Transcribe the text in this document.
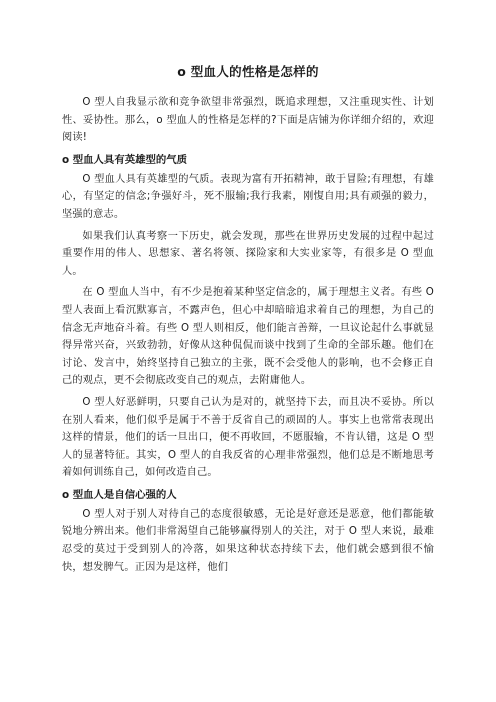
o 型血人的性格是怎样的

O 型人自我显示欲和竞争欲望非常强烈，既追求理想，又注重现实性、计划性、妥协性。那么，o 型血人的性格是怎样的?下面是店铺为你详细介绍的，欢迎阅读!

o 型血人具有英雄型的气质

O 型血人具有英雄型的气质。表现为富有开拓精神，敢于冒险;有理想，有雄心，有坚定的信念;争强好斗，死不服输;我行我素，刚愎自用;具有顽强的毅力，坚强的意志。

如果我们认真考察一下历史，就会发现，那些在世界历史发展的过程中起过重要作用的伟人、思想家、著名将领、探险家和大实业家等，有很多是 O 型血人。

在 O 型血人当中，有不少是抱着某种坚定信念的，属于理想主义者。有些 O 型人表面上看沉默寡言，不露声色，但心中却暗暗追求着自己的理想，为自己的信念无声地奋斗着。有些 O 型人则相反，他们能言善辩，一旦议论起什么事就显得异常兴奋，兴致勃勃，好像从这种侃侃而谈中找到了生命的全部乐趣。他们在讨论、发言中，始终坚持自己独立的主张，既不会受他人的影响，也不会修正自己的观点，更不会彻底改变自己的观点，去附庸他人。

O 型人好恶鲜明，只要自己认为是对的，就坚持下去，而且决不妥协。所以在别人看来，他们似乎是属于不善于反省自己的顽固的人。事实上也常常表现出这样的情景，他们的话一旦出口，便不再收回，不愿服输，不肯认错，这是 O 型人的显著特征。其实，O 型人的自我反省的心理非常强烈，他们总是不断地思考着如何训练自己，如何改造自己。

o 型血人是自信心强的人

O 型人对于别人对待自己的态度很敏感，无论是好意还是恶意，他们都能敏锐地分辨出来。他们非常渴望自己能够赢得别人的关注，对于 O 型人来说，最难忍受的莫过于受到别人的冷落，如果这种状态持续下去，他们就会感到很不愉快，想发脾气。正因为是这样，他们
